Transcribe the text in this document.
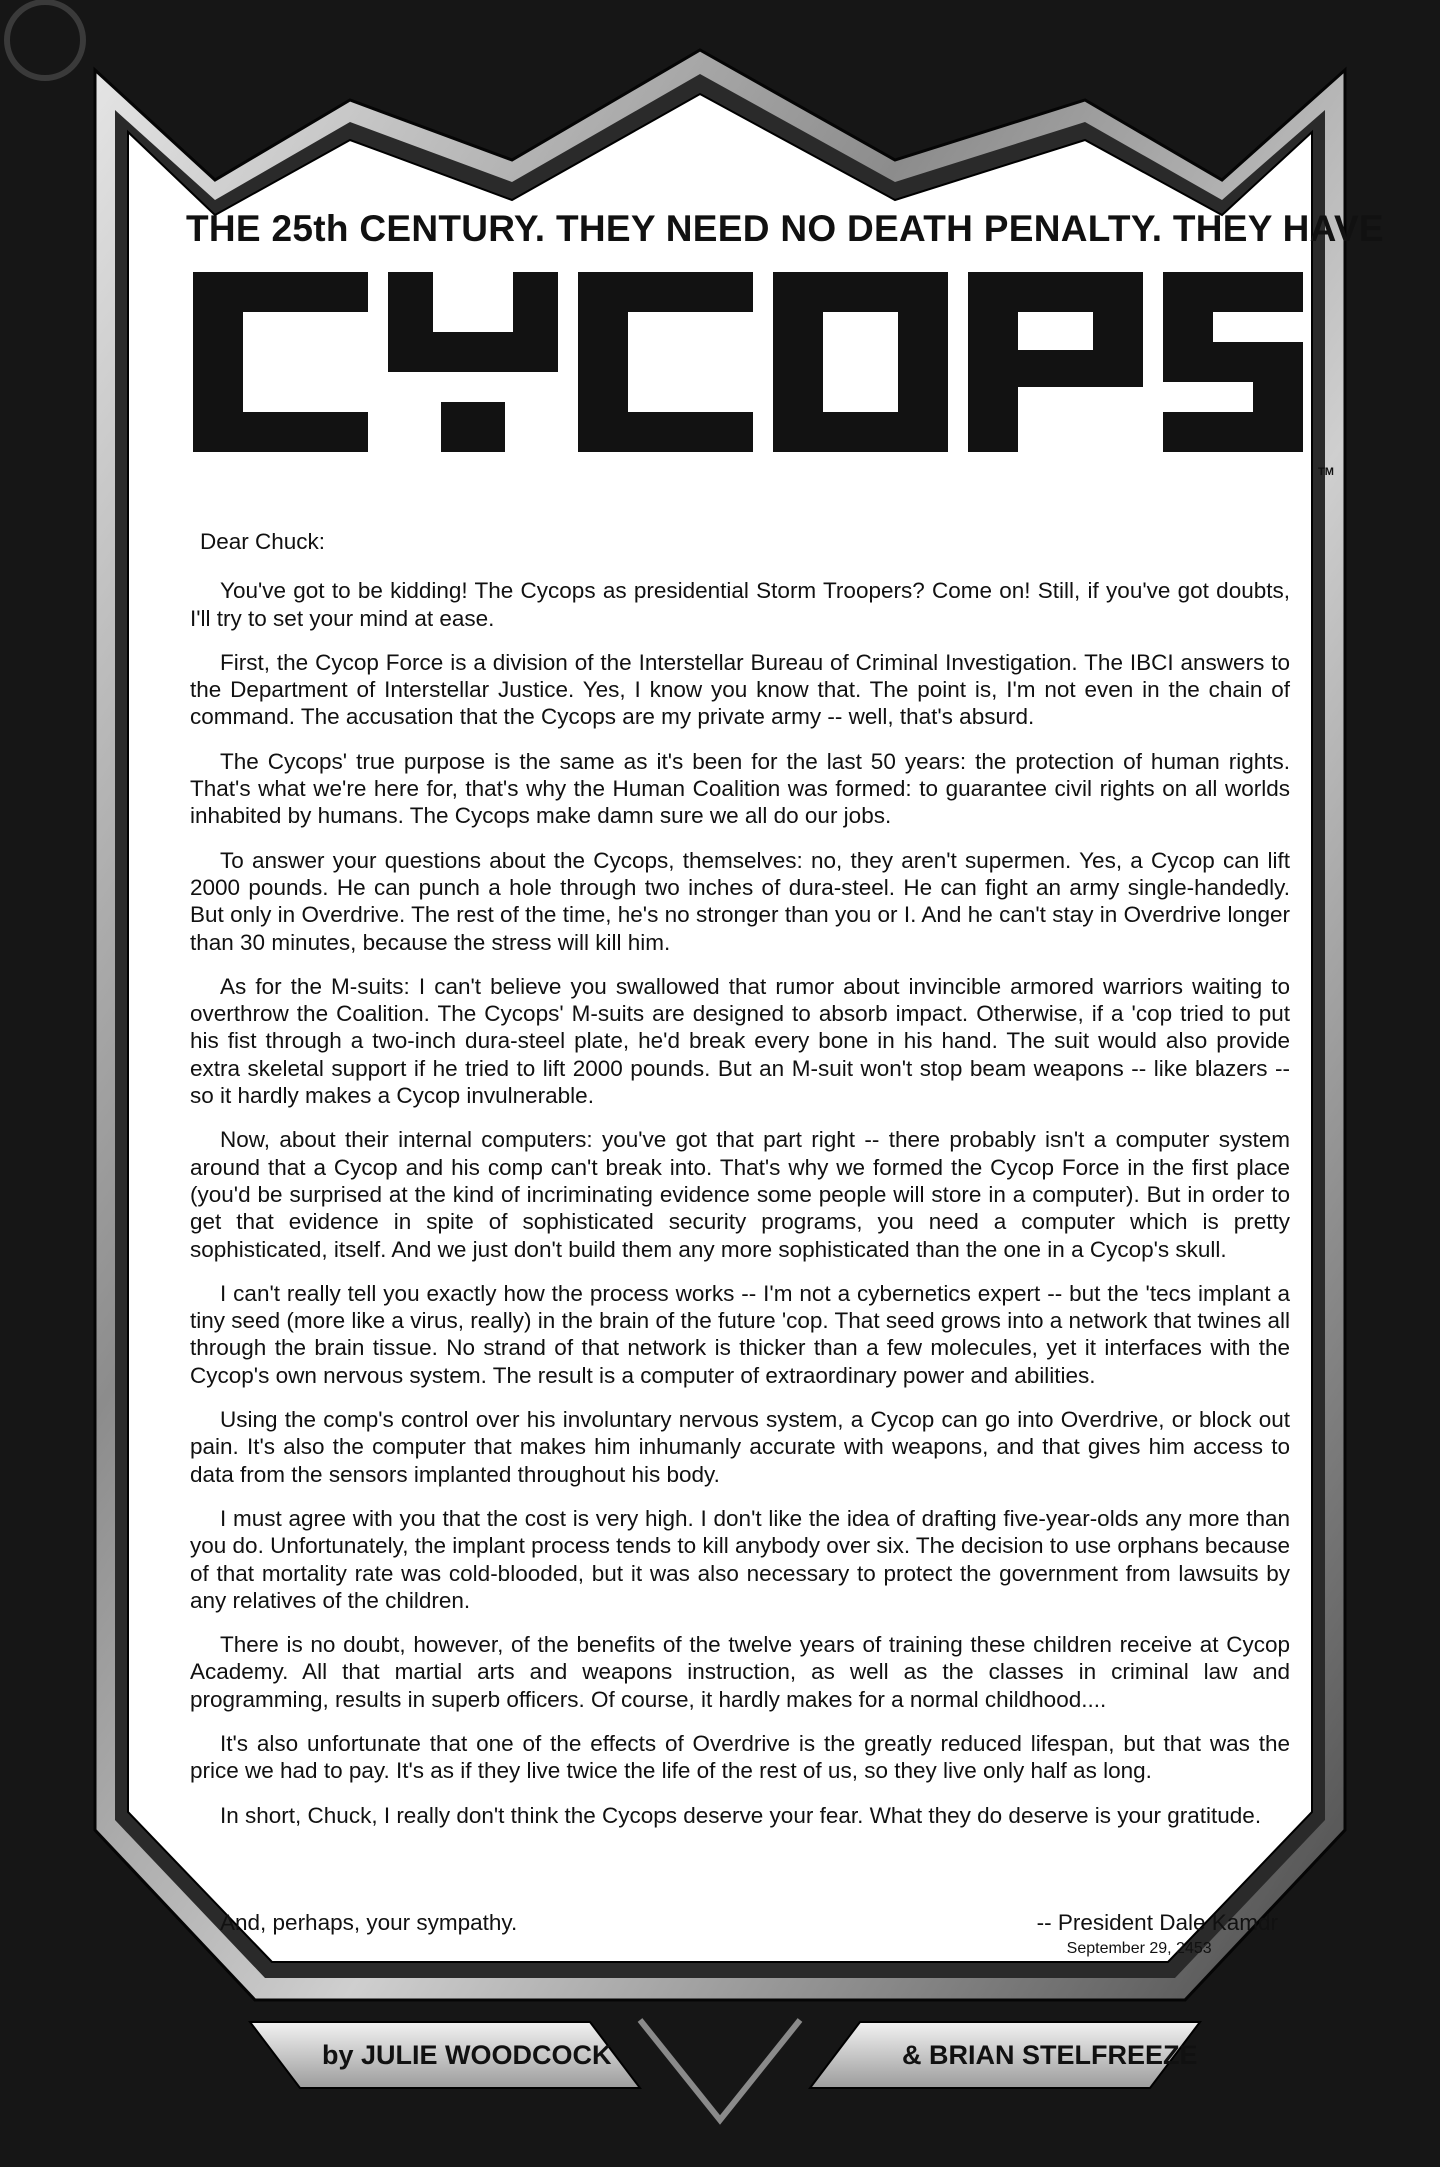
THE 25th CENTURY. THEY NEED NO DEATH PENALTY. THEY HAVE
TM
Dear Chuck:

You've got to be kidding! The Cycops as presidential Storm Troopers? Come on! Still, if you've got doubts, I'll try to set your mind at ease.

First, the Cycop Force is a division of the Interstellar Bureau of Criminal Investigation. The IBCI answers to the Department of Interstellar Justice. Yes, I know you know that. The point is, I'm not even in the chain of command. The accusation that the Cycops are my private army -- well, that's absurd.

The Cycops' true purpose is the same as it's been for the last 50 years: the protection of human rights. That's what we're here for, that's why the Human Coalition was formed: to guarantee civil rights on all worlds inhabited by humans. The Cycops make damn sure we all do our jobs.

To answer your questions about the Cycops, themselves: no, they aren't supermen. Yes, a Cycop can lift 2000 pounds. He can punch a hole through two inches of dura-steel. He can fight an army single-handedly. But only in Overdrive. The rest of the time, he's no stronger than you or I. And he can't stay in Overdrive longer than 30 minutes, because the stress will kill him.

As for the M-suits: I can't believe you swallowed that rumor about invincible armored warriors waiting to overthrow the Coalition. The Cycops' M-suits are designed to absorb impact. Otherwise, if a 'cop tried to put his fist through a two-inch dura-steel plate, he'd break every bone in his hand. The suit would also provide extra skeletal support if he tried to lift 2000 pounds. But an M-suit won't stop beam weapons -- like blazers -- so it hardly makes a Cycop invulnerable.

Now, about their internal computers: you've got that part right -- there probably isn't a computer system around that a Cycop and his comp can't break into. That's why we formed the Cycop Force in the first place (you'd be surprised at the kind of incriminating evidence some people will store in a computer). But in order to get that evidence in spite of sophisticated security programs, you need a computer which is pretty sophisticated, itself. And we just don't build them any more sophisticated than the one in a Cycop's skull.

I can't really tell you exactly how the process works -- I'm not a cybernetics expert -- but the 'tecs implant a tiny seed (more like a virus, really) in the brain of the future 'cop. That seed grows into a network that twines all through the brain tissue. No strand of that network is thicker than a few molecules, yet it interfaces with the Cycop's own nervous system. The result is a computer of extraordinary power and abilities.

Using the comp's control over his involuntary nervous system, a Cycop can go into Overdrive, or block out pain. It's also the computer that makes him inhumanly accurate with weapons, and that gives him access to data from the sensors implanted throughout his body.

I must agree with you that the cost is very high. I don't like the idea of drafting five-year-olds any more than you do. Unfortunately, the implant process tends to kill anybody over six. The decision to use orphans because of that mortality rate was cold-blooded, but it was also necessary to protect the government from lawsuits by any relatives of the children.

There is no doubt, however, of the benefits of the twelve years of training these children receive at Cycop Academy. All that martial arts and weapons instruction, as well as the classes in criminal law and programming, results in superb officers. Of course, it hardly makes for a normal childhood....

It's also unfortunate that one of the effects of Overdrive is the greatly reduced lifespan, but that was the price we had to pay. It's as if they live twice the life of the rest of us, so they live only half as long.

In short, Chuck, I really don't think the Cycops deserve your fear. What they do deserve is your gratitude.

And, perhaps, your sympathy.	-- President Dale Kamdr
September 29, 2453
by JULIE WOODCOCK	& BRIAN STELFREEZE
